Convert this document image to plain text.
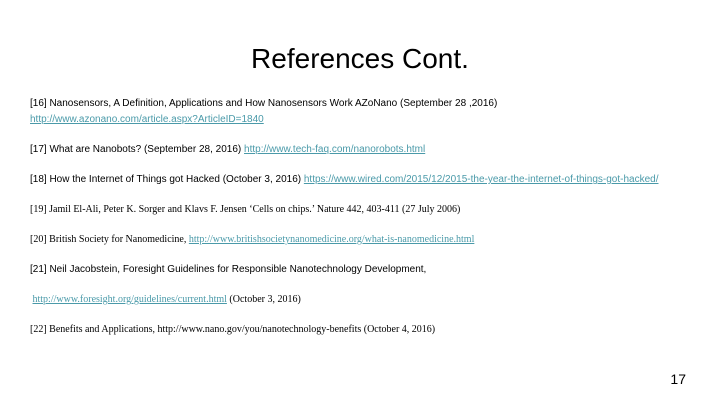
References Cont.

[16] Nanosensors, A Definition, Applications and How Nanosensors Work AZoNano (September 28 ,2016)
http://www.azonano.com/article.aspx?ArticleID=1840

[17] What are Nanobots? (September 28, 2016) http://www.tech-faq.com/nanorobots.html

[18] How the Internet of Things got Hacked (October 3, 2016) https://www.wired.com/2015/12/2015-the-year-the-internet-of-things-got-hacked/

[19] Jamil El-Ali, Peter K. Sorger and Klavs F. Jensen ‘Cells on chips.’ Nature 442, 403-411 (27 July 2006)

[20] British Society for Nanomedicine, http://www.britishsocietynanomedicine.org/what-is-nanomedicine.html

[21] Neil Jacobstein, Foresight Guidelines for Responsible Nanotechnology Development,

http://www.foresight.org/guidelines/current.html (October 3, 2016)

[22] Benefits and Applications, http://www.nano.gov/you/nanotechnology-benefits (October 4, 2016)

17
